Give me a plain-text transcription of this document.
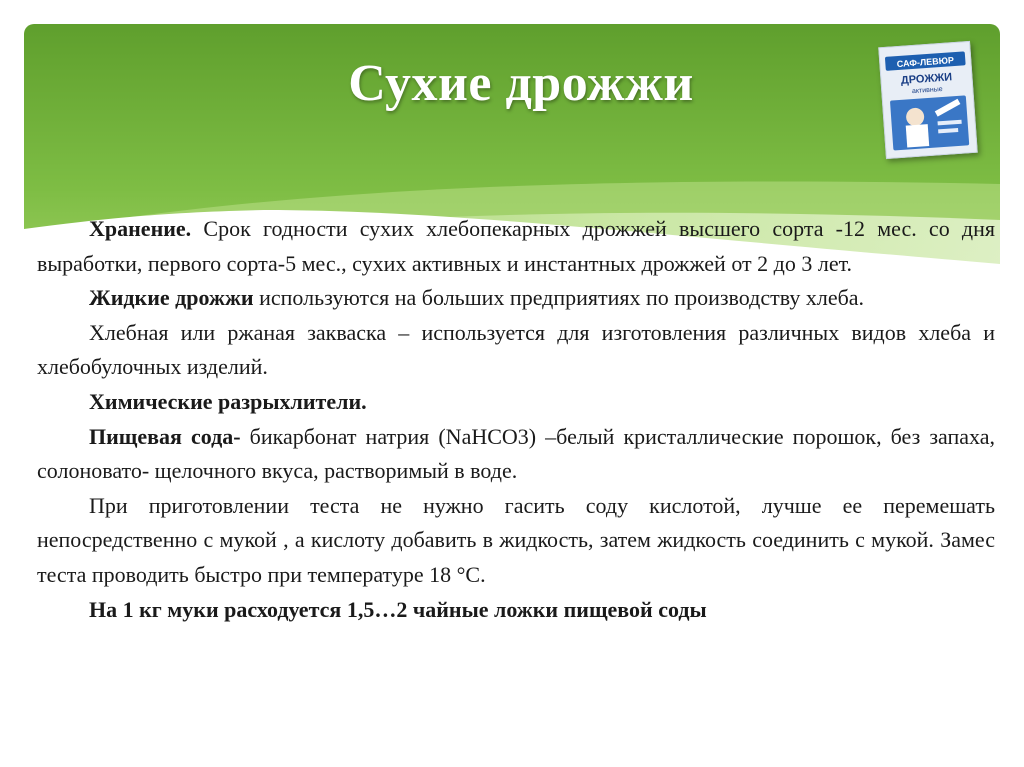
Сухие дрожжи	САФ-ЛЕВЮР
ДРОЖЖИ
активные

Хранение. Срок годности сухих хлебопекарных дрожжей высшего сорта -12 мес. со дня выработки, первого сорта-5 мес., сухих активных и инстантных дрожжей от 2 до 3 лет.

Жидкие дрожжи используются на больших предприятиях по производству хлеба.

Хлебная или ржаная закваска – используется для изготовления различных видов хлеба и хлебобулочных изделий.

Химические разрыхлители.

Пищевая сода- бикарбонат натрия (NaHCO3) –белый кристаллические порошок, без запаха, солоновато- щелочного вкуса, растворимый в воде.

При приготовлении теста не нужно гасить соду кислотой, лучше ее перемешать непосредственно с мукой , а кислоту добавить в жидкость, затем жидкость соединить с мукой. Замес теста проводить быстро при температуре 18 °С.

На 1 кг муки расходуется 1,5…2 чайные ложки пищевой соды
